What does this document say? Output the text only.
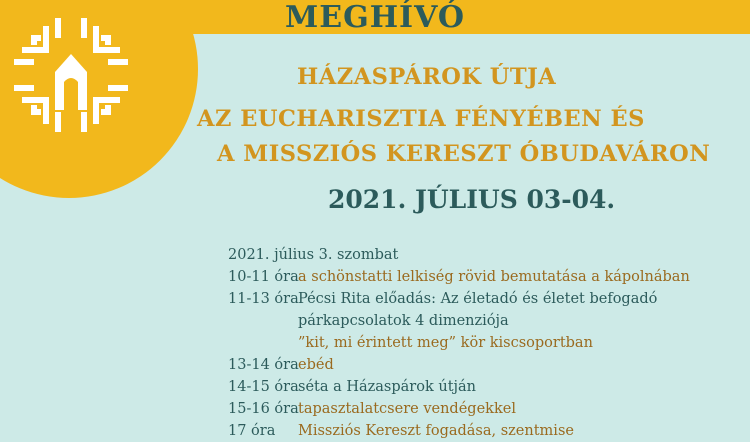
MEGHÍVÓ
HÁZASPÁROK ÚTJA
AZ EUCHARISZTIA FÉNYÉBEN ÉS
A MISSZIÓS KERESZT ÓBUDAVÁRON
2021. JÚLIUS 03-04.
2021. július 3. szombat
10-11 óra a schönstatti lelkiség rövid bemutatása a kápolnában
11-13 óra Pécsi Rita előadás: Az életadó és életet befogadó
párkapcsolatok 4 dimenziója
”kit, mi érintett meg” kör kiscsoportban
13-14 óra ebéd
14-15 óra séta a Házaspárok útján
15-16 óra tapasztalatcsere vendégekkel
17 óra Missziós Kereszt fogadása, szentmise
